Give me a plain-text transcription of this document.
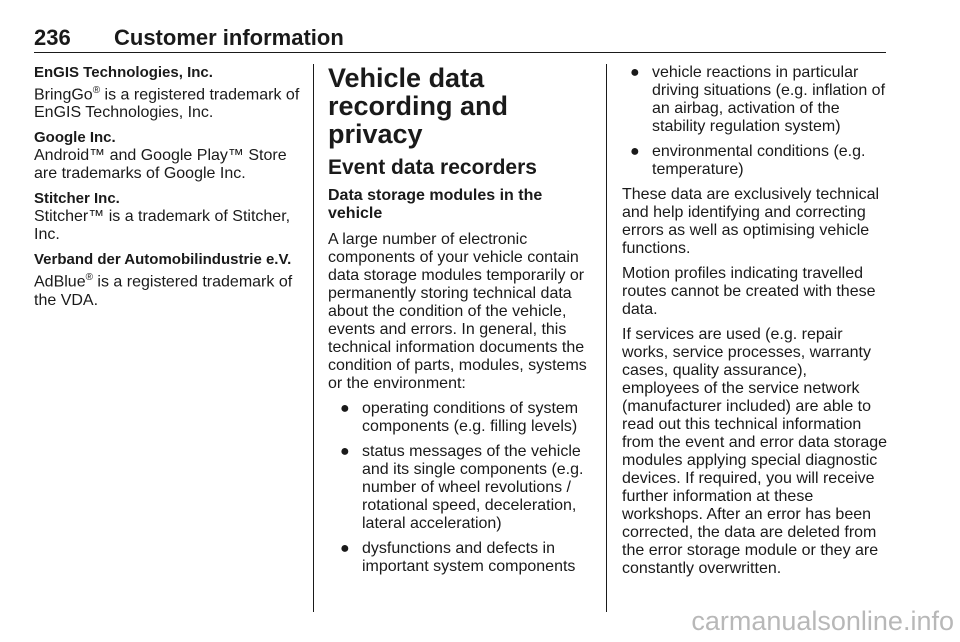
236 Customer information
EnGIS Technologies, Inc.
BringGo® is a registered trademark of EnGIS Technologies, Inc.
Google Inc.
Android™ and Google Play™ Store are trademarks of Google Inc.
Stitcher Inc.
Stitcher™ is a trademark of Stitcher, Inc.
Verband der Automobilindustrie e.V.
AdBlue® is a registered trademark of the VDA.
Vehicle data recording and privacy
Event data recorders
Data storage modules in the vehicle
A large number of electronic components of your vehicle contain data storage modules temporarily or permanently storing technical data about the condition of the vehicle, events and errors. In general, this technical information documents the condition of parts, modules, systems or the environment:
● operating conditions of system components (e.g. filling levels)
● status messages of the vehicle and its single components (e.g. number of wheel revolutions / rotational speed, deceleration, lateral acceleration)
● dysfunctions and defects in important system components
● vehicle reactions in particular driving situations (e.g. inflation of an airbag, activation of the stability regulation system)
● environmental conditions (e.g. temperature)
These data are exclusively technical and help identifying and correcting errors as well as optimising vehicle functions.
Motion profiles indicating travelled routes cannot be created with these data.
If services are used (e.g. repair works, service processes, warranty cases, quality assurance), employees of the service network (manufacturer included) are able to read out this technical information from the event and error data storage modules applying special diagnostic devices. If required, you will receive further information at these workshops. After an error has been corrected, the data are deleted from the error storage module or they are constantly overwritten.
carmanualsonline.info
